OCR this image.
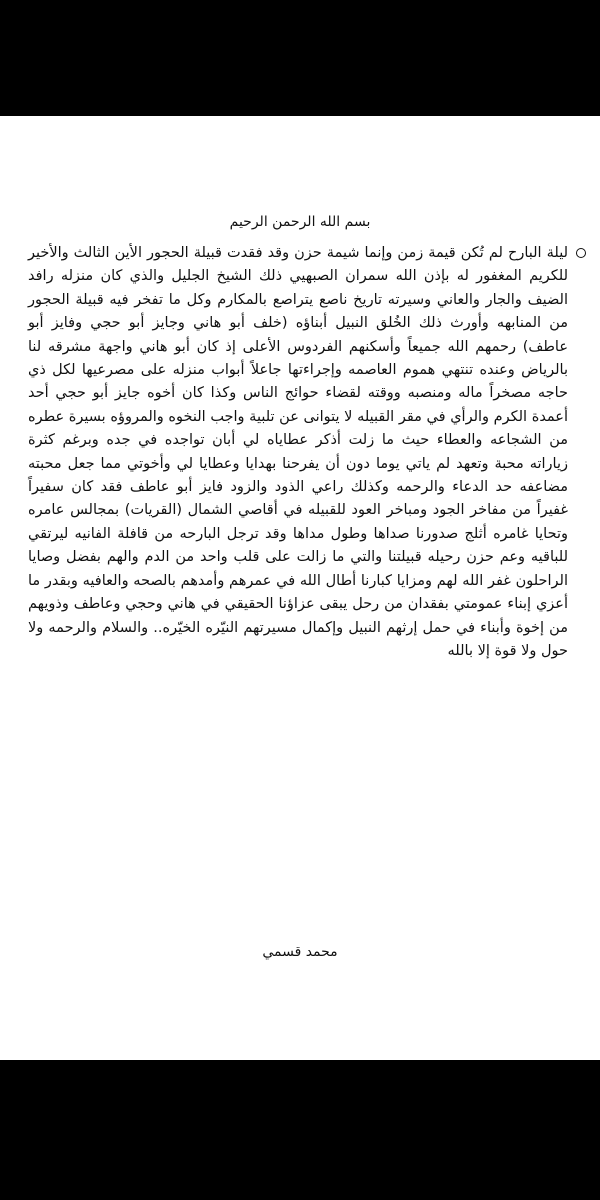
بسم الله الرحمن الرحيم

ليلة البارح لم تُكن قيمة زمن وإنما شيمة حزن وقد فقدت قبيلة الحجور الأين الثالث والأخير للكريم المغفور له بإذن الله سمران الصبهيي ذلك الشيخ الجليل والذي كان منزله رافد الضيف والجار والعاني وسيرته تاريخ ناصع يتراصع بالمكارم وكل ما تفخر فيه قبيلة الحجور من المنابهه وأورث ذلك الخُلق النبيل أبناؤه (خلف أبو هاني وجايز أبو حجي وفايز أبو عاطف) رحمهم الله جميعاً وأسكنهم الفردوس الأعلى إذ كان أبو هاني واجهة مشرقه لنا بالرياض وعنده تنتهي هموم العاصمه وإجراءتها جاعلاً أبواب منزله على مصرعيها لكل ذي حاجه مصخراً ماله ومنصبه ووقته لقضاء حوائج الناس وكذا كان أخوه جايز أبو حجي أحد أعمدة الكرم والرأي في مقر القبيله لا يتوانى عن تلبية واجب النخوه والمروؤه بسيرة عطره من الشجاعه والعطاء حيث ما زلت أذكر عطاياه لي أبان تواجده في جده وبرغم كثرة زياراته محبة وتعهد لم ياتي يوما دون أن يفرحنا بهدايا وعطايا لي وأخوتي مما جعل محبته مضاعفه حد الدعاء والرحمه وكذلك راعي الذود والزود فايز أبو عاطف فقد كان سفيراً غفيراً من مفاخر الجود ومباخر العود للقبيله في أقاصي الشمال (القريات) بمجالس عامره وتحايا غامره أثلج صدورنا صداها وطول مداها وقد ترجل البارحه من قافلة الفانيه ليرتقي للباقيه وعم حزن رحيله قبيلتنا والتي ما زالت على قلب واحد من الدم والهم بفضل وصايا الراحلون غفر الله لهم ومزايا كبارنا أطال الله في عمرهم وأمدهم بالصحه والعافيه وبقدر ما أعزي إبناء عمومتي بفقدان من رحل يبقى عزاؤنا الحقيقي في هاني وحجي وعاطف وذويهم من إخوة وأبناء في حمل إرثهم النبيل وإكمال مسيرتهم النيّره الخيّره.. والسلام والرحمه ولا حول ولا قوة إلا بالله

محمد قسمي
